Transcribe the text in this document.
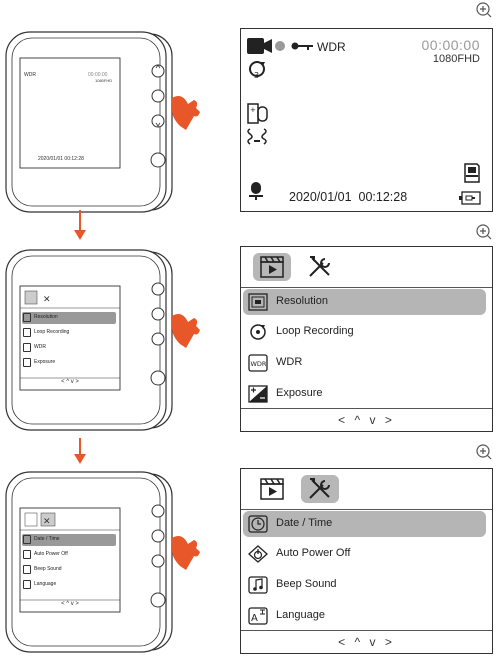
WDR	00:00:00
1080FHD
2020/01/01 00:12:28
WDR	00:00:00
1080FHD
3
+
2020/01/01  00:12:28
✕
Resolution
Loop Recording
WDR
Exposure
< ^ v >
Resolution
Loop Recording
WDR WDR
Exposure
< ^ v >
✕
Date / Time
Auto Power Off
Beep Sound
Language
< ^ v >
Date / Time
Auto Power Off
Beep Sound
A Language
< ^ v >
